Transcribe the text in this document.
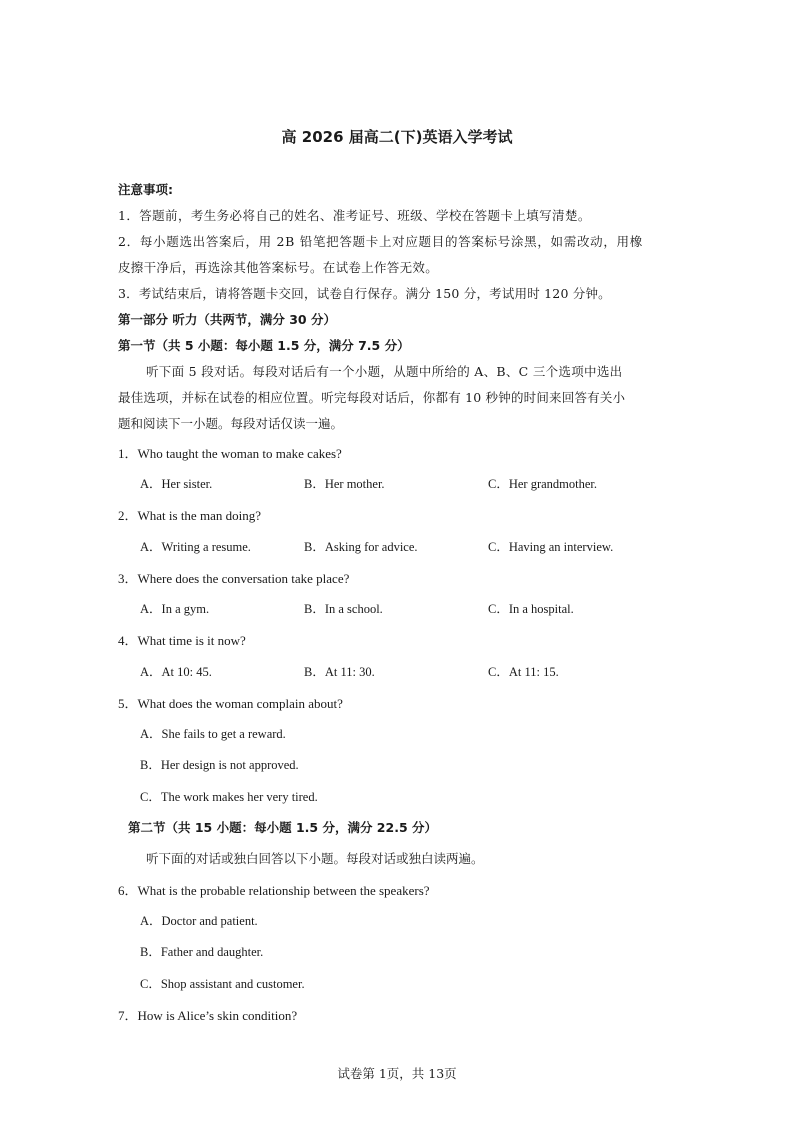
高 2026 届高二(下)英语入学考试
注意事项:
1．答题前，考生务必将自己的姓名、准考证号、班级、学校在答题卡上填写清楚。
2．每小题选出答案后，用 2B 铅笔把答题卡上对应题目的答案标号涂黑，如需改动，用橡
皮擦干净后，再选涂其他答案标号。在试卷上作答无效。
3．考试结束后，请将答题卡交回，试卷自行保存。满分 150 分，考试用时 120 分钟。
第一部分 听力（共两节，满分 30 分）
第一节（共 5 小题：每小题 1.5 分，满分 7.5 分）
听下面 5 段对话。每段对话后有一个小题，从题中所给的 A、B、C 三个选项中选出
最佳选项，并标在试卷的相应位置。听完每段对话后，你都有 10 秒钟的时间来回答有关小
题和阅读下一小题。每段对话仅读一遍。
1．Who taught the woman to make cakes?
A．Her sister.	B．Her mother.	C．Her grandmother.
2．What is the man doing?
A．Writing a resume.	B．Asking for advice.	C．Having an interview.
3．Where does the conversation take place?
A．In a gym.	B．In a school.	C．In a hospital.
4．What time is it now?
A．At 10: 45.	B．At 11: 30.	C．At 11: 15.
5．What does the woman complain about?
A．She fails to get a reward.
B．Her design is not approved.
C．The work makes her very tired.
第二节（共 15 小题：每小题 1.5 分，满分 22.5 分）
听下面的对话或独白回答以下小题。每段对话或独白读两遍。
6．What is the probable relationship between the speakers?
A．Doctor and patient.
B．Father and daughter.
C．Shop assistant and customer.
7．How is Alice’s skin condition?
试卷第 1页，共 13页
